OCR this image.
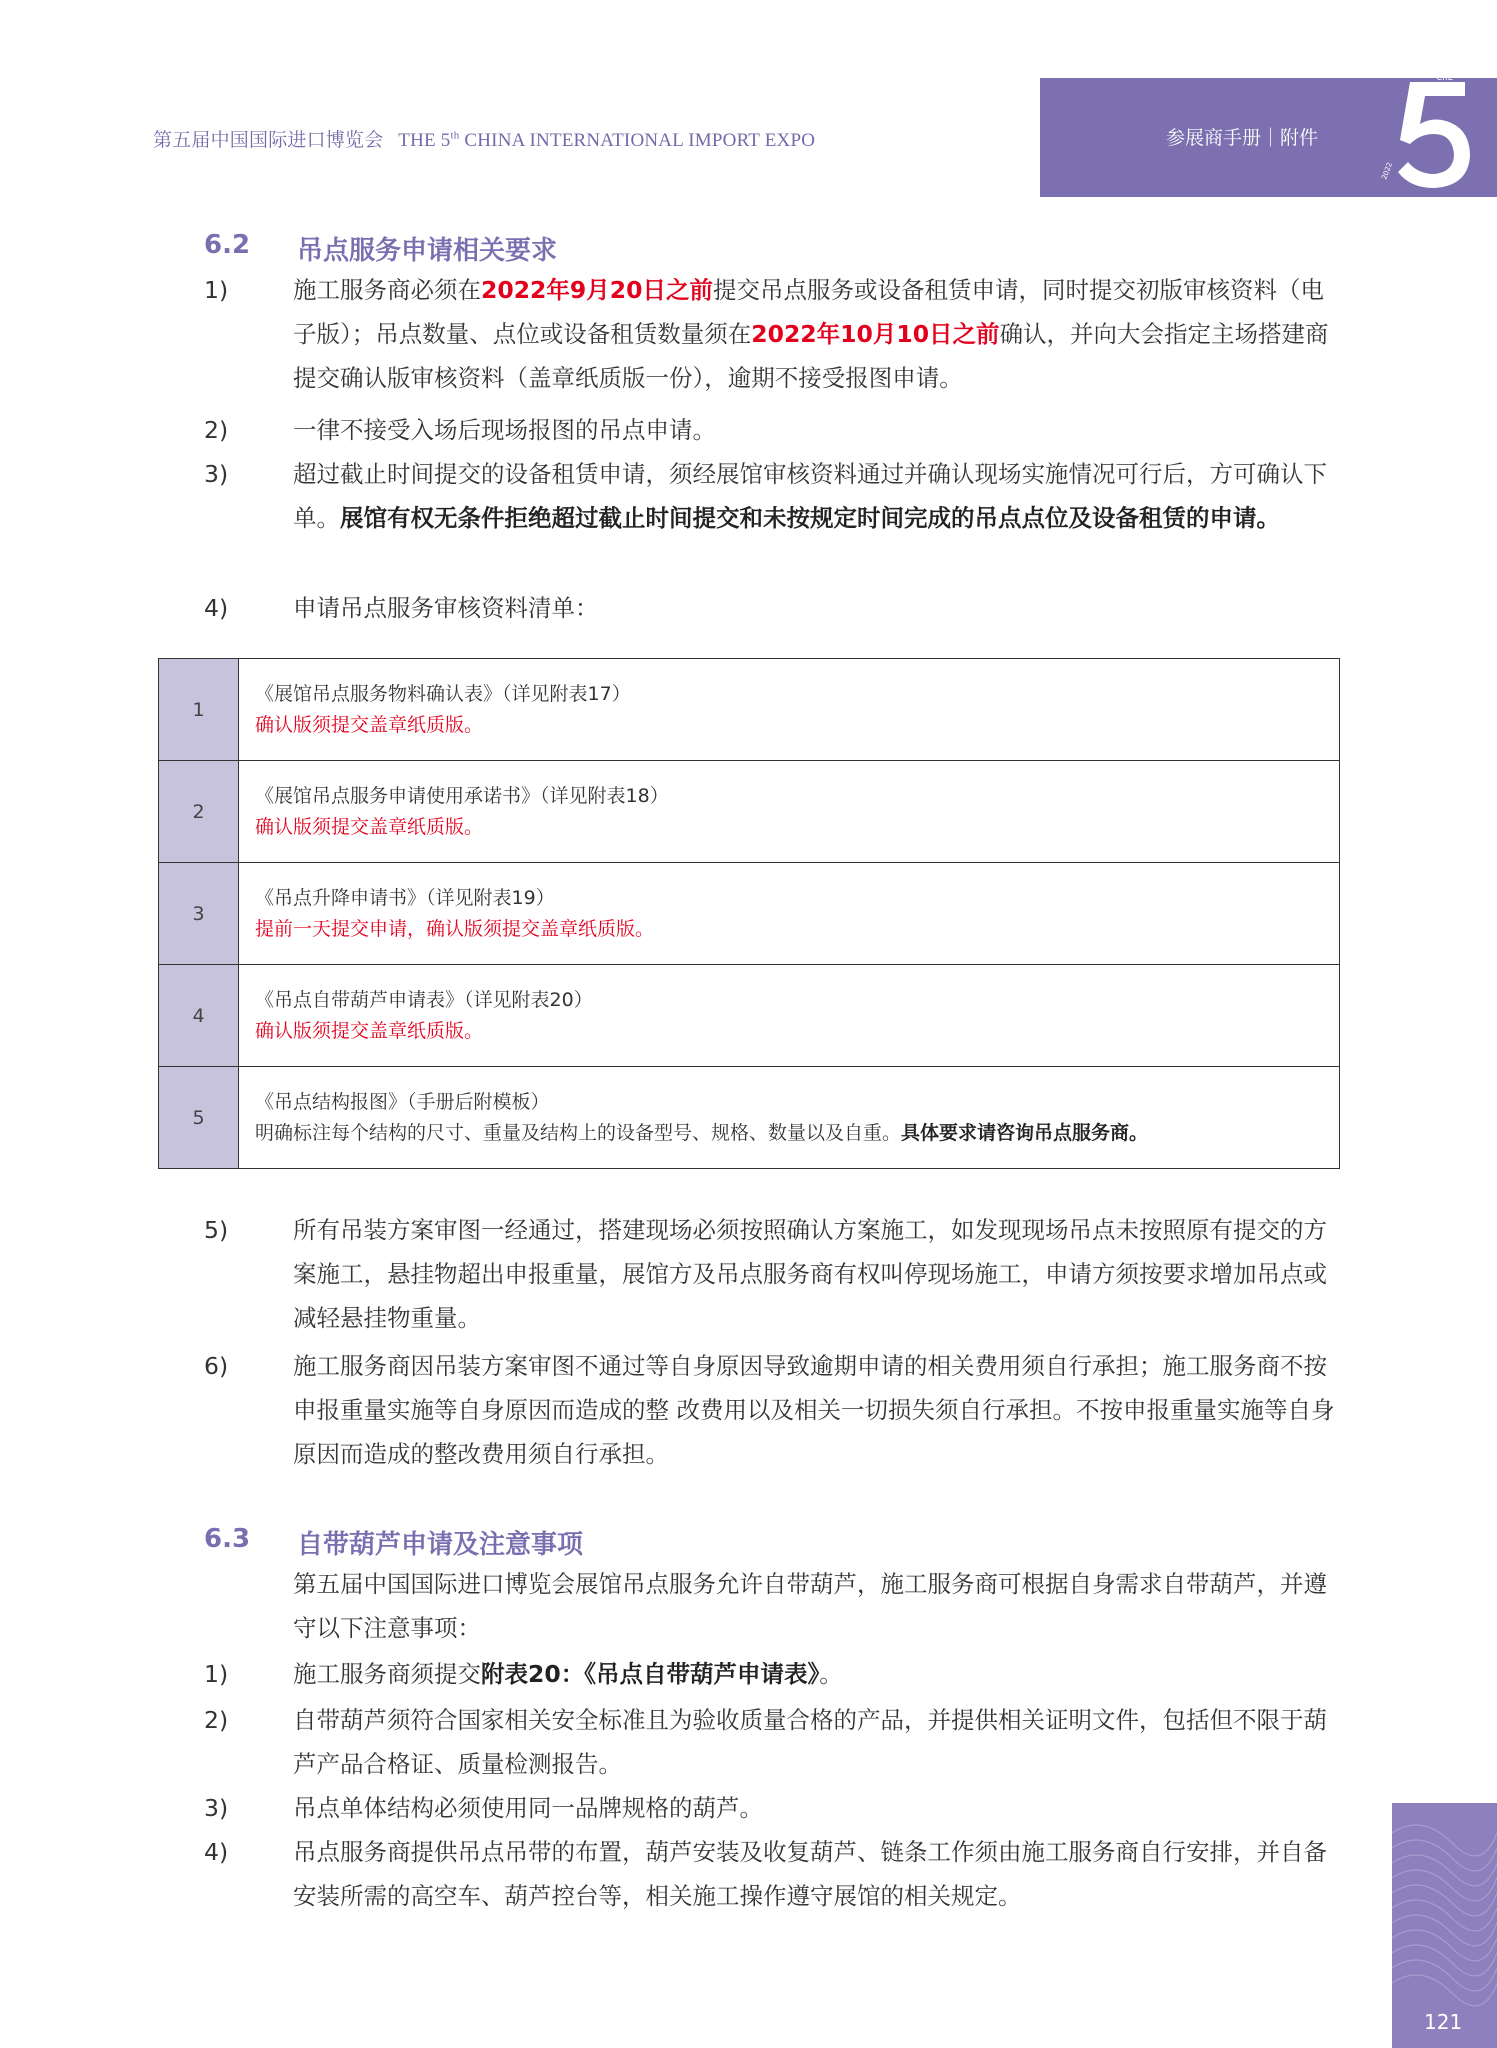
第五届中国国际进口博览会 THE 5th CHINA INTERNATIONAL IMPORT EXPO	参展商手册｜附件
CIIE
2022
6.2 吊点服务申请相关要求
1)	施工服务商必须在2022年9月20日之前提交吊点服务或设备租赁申请，同时提交初版审核资料（电子版）；吊点数量、点位或设备租赁数量须在2022年10月10日之前确认，并向大会指定主场搭建商提交确认版审核资料（盖章纸质版一份），逾期不接受报图申请。
2)	一律不接受入场后现场报图的吊点申请。
3)	超过截止时间提交的设备租赁申请，须经展馆审核资料通过并确认现场实施情况可行后，方可确认下单。展馆有权无条件拒绝超过截止时间提交和未按规定时间完成的吊点点位及设备租赁的申请。
4)	申请吊点服务审核资料清单：
1	《展馆吊点服务物料确认表》（详见附表17）
确认版须提交盖章纸质版。

2	《展馆吊点服务申请使用承诺书》（详见附表18）
确认版须提交盖章纸质版。

3	《吊点升降申请书》（详见附表19）
提前一天提交申请，确认版须提交盖章纸质版。

4	《吊点自带葫芦申请表》（详见附表20）
确认版须提交盖章纸质版。

5	《吊点结构报图》（手册后附模板）
明确标注每个结构的尺寸、重量及结构上的设备型号、规格、数量以及自重。具体要求请咨询吊点服务商。
5)	所有吊装方案审图一经通过，搭建现场必须按照确认方案施工，如发现现场吊点未按照原有提交的方案施工，悬挂物超出申报重量，展馆方及吊点服务商有权叫停现场施工，申请方须按要求增加吊点或减轻悬挂物重量。
6)	施工服务商因吊装方案审图不通过等自身原因导致逾期申请的相关费用须自行承担；施工服务商不按申报重量实施等自身原因而造成的整 改费用以及相关一切损失须自行承担。不按申报重量实施等自身原因而造成的整改费用须自行承担。
6.3 自带葫芦申请及注意事项
第五届中国国际进口博览会展馆吊点服务允许自带葫芦，施工服务商可根据自身需求自带葫芦，并遵守以下注意事项：
1)	施工服务商须提交附表20：《吊点自带葫芦申请表》。
2)	自带葫芦须符合国家相关安全标准且为验收质量合格的产品，并提供相关证明文件，包括但不限于葫芦产品合格证、质量检测报告。
3)	吊点单体结构必须使用同一品牌规格的葫芦。
4)	吊点服务商提供吊点吊带的布置，葫芦安装及收复葫芦、链条工作须由施工服务商自行安排，并自备安装所需的高空车、葫芦控台等，相关施工操作遵守展馆的相关规定。
121
